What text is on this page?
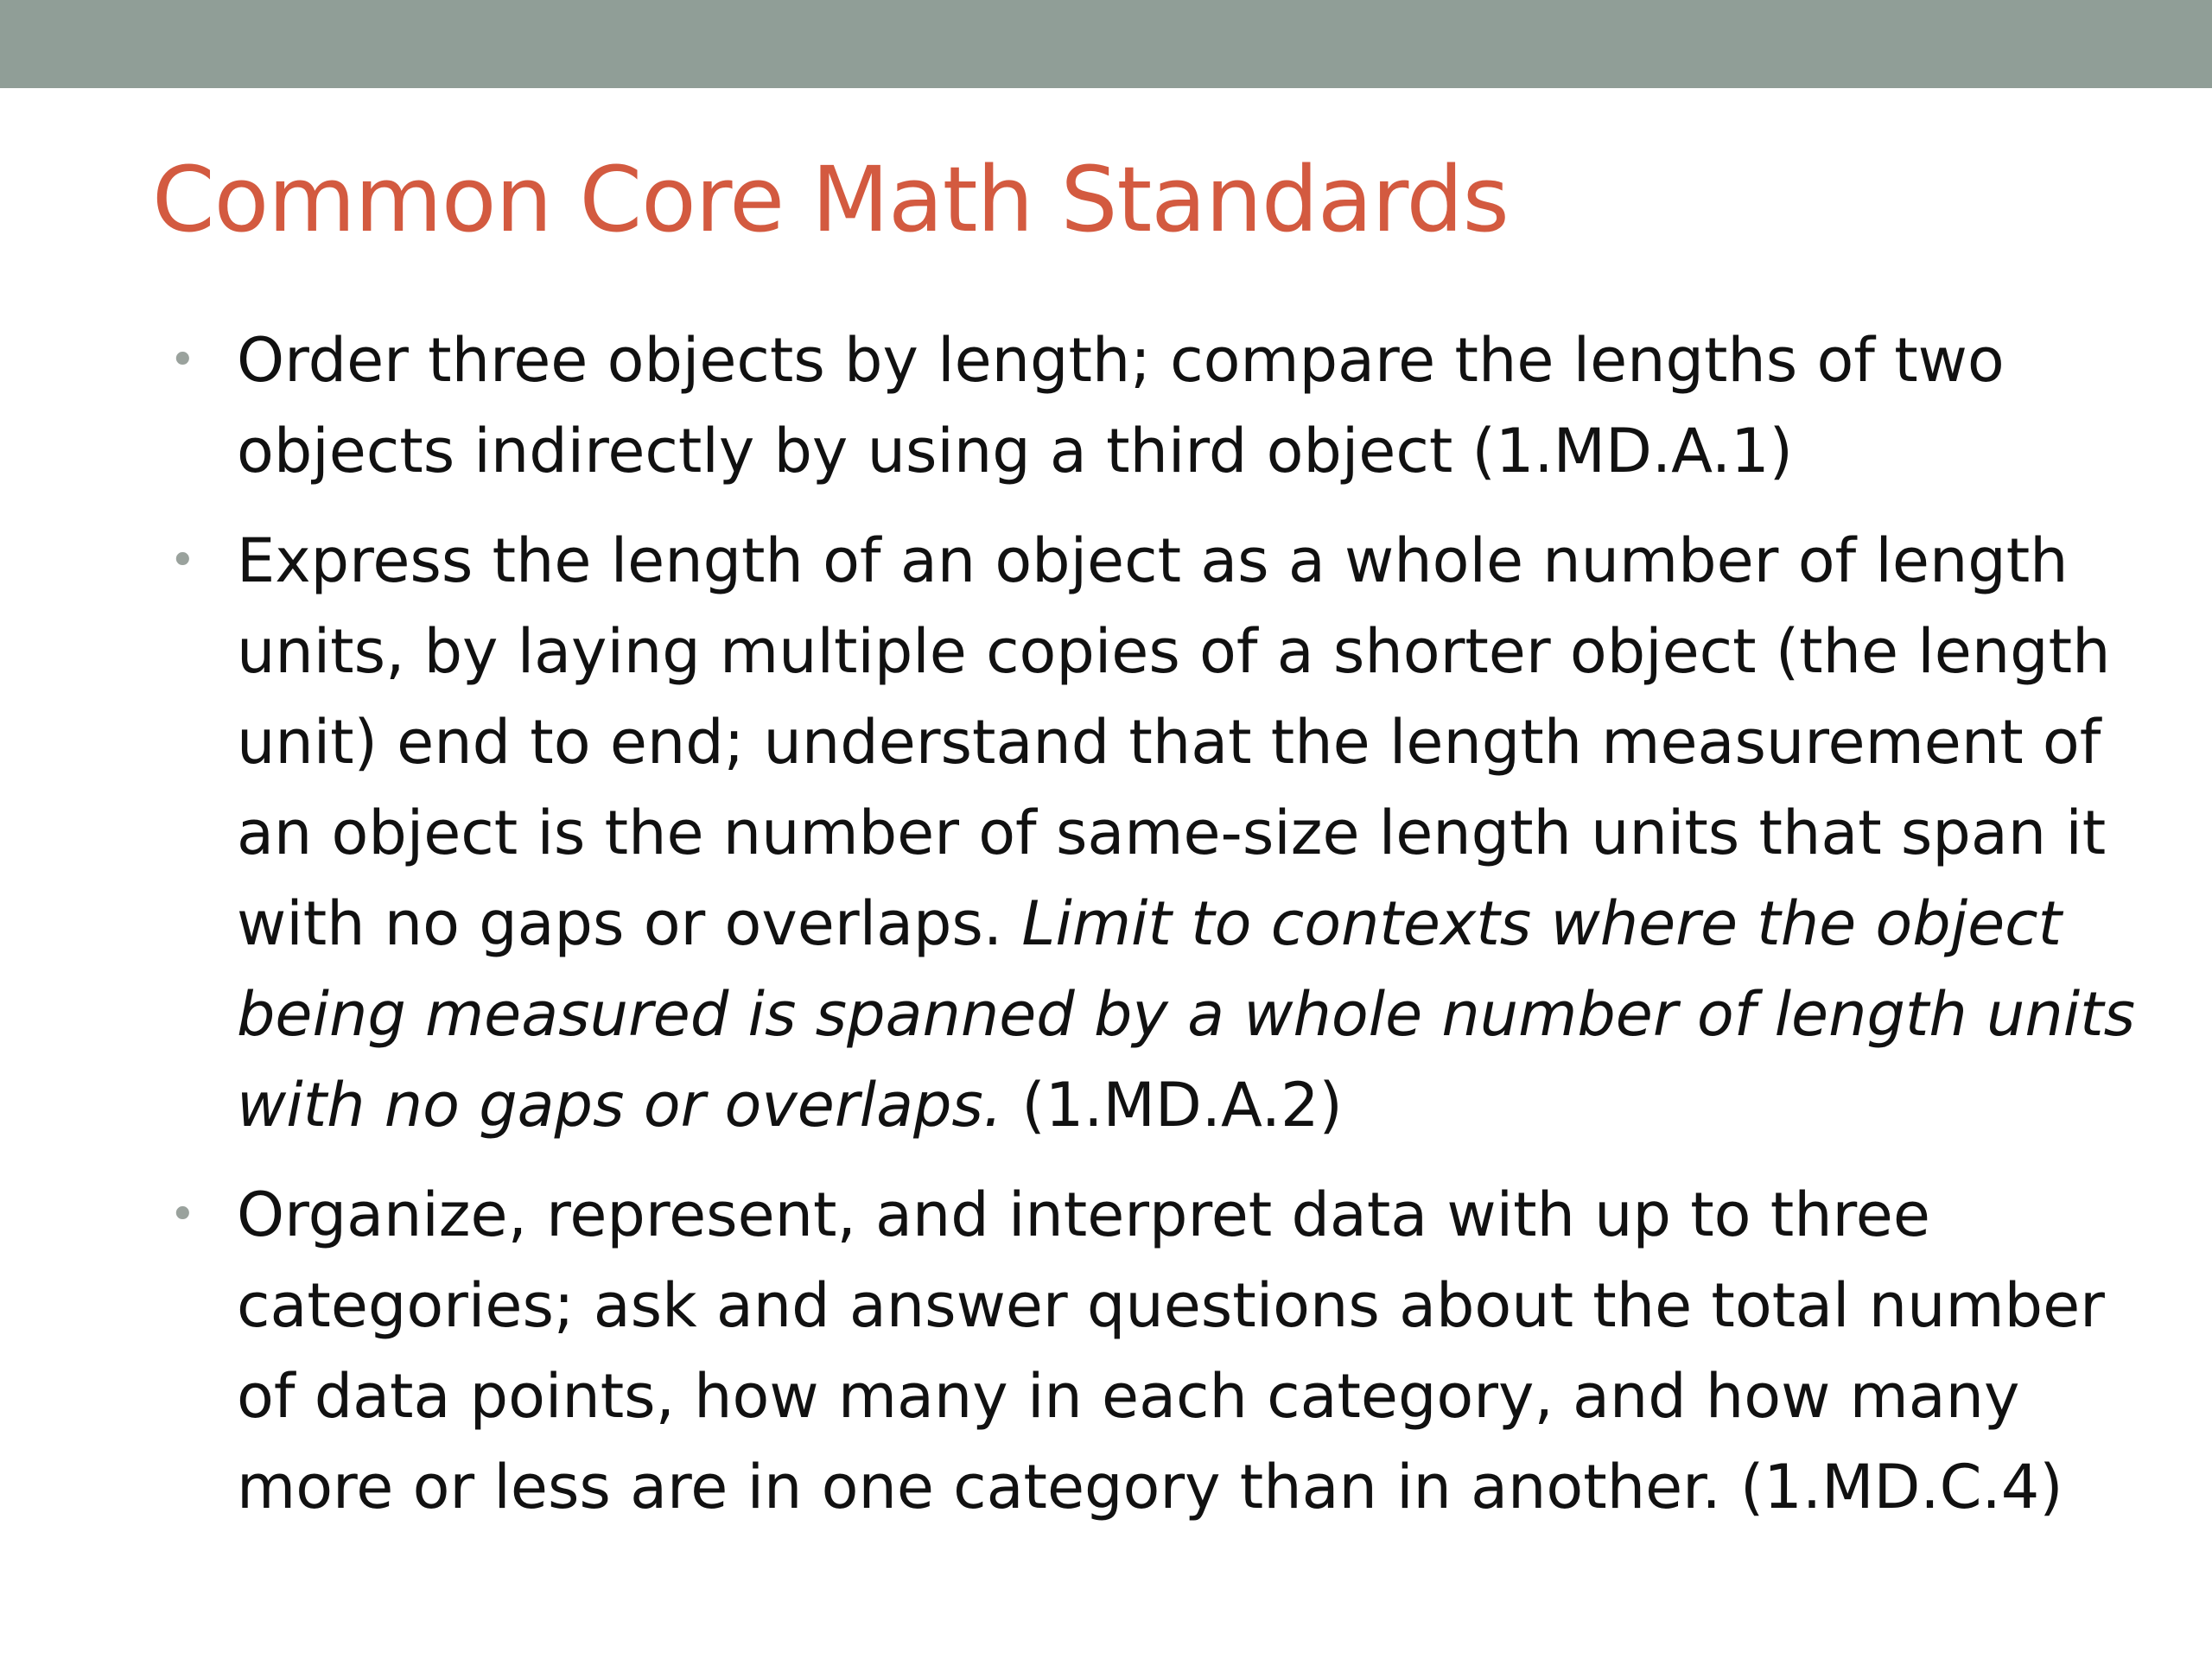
Common Core Math Standards
• Order three objects by length; compare the lengths of two objects indirectly by using a third object (1.MD.A.1)
• Express the length of an object as a whole number of length units, by laying multiple copies of a shorter object (the length unit) end to end; understand that the length measurement of an object is the number of same-size length units that span it with no gaps or overlaps. Limit to contexts where the object being measured is spanned by a whole number of length units with no gaps or overlaps. (1.MD.A.2)
• Organize, represent, and interpret data with up to three categories; ask and answer questions about the total number of data points, how many in each category, and how many more or less are in one category than in another. (1.MD.C.4)
